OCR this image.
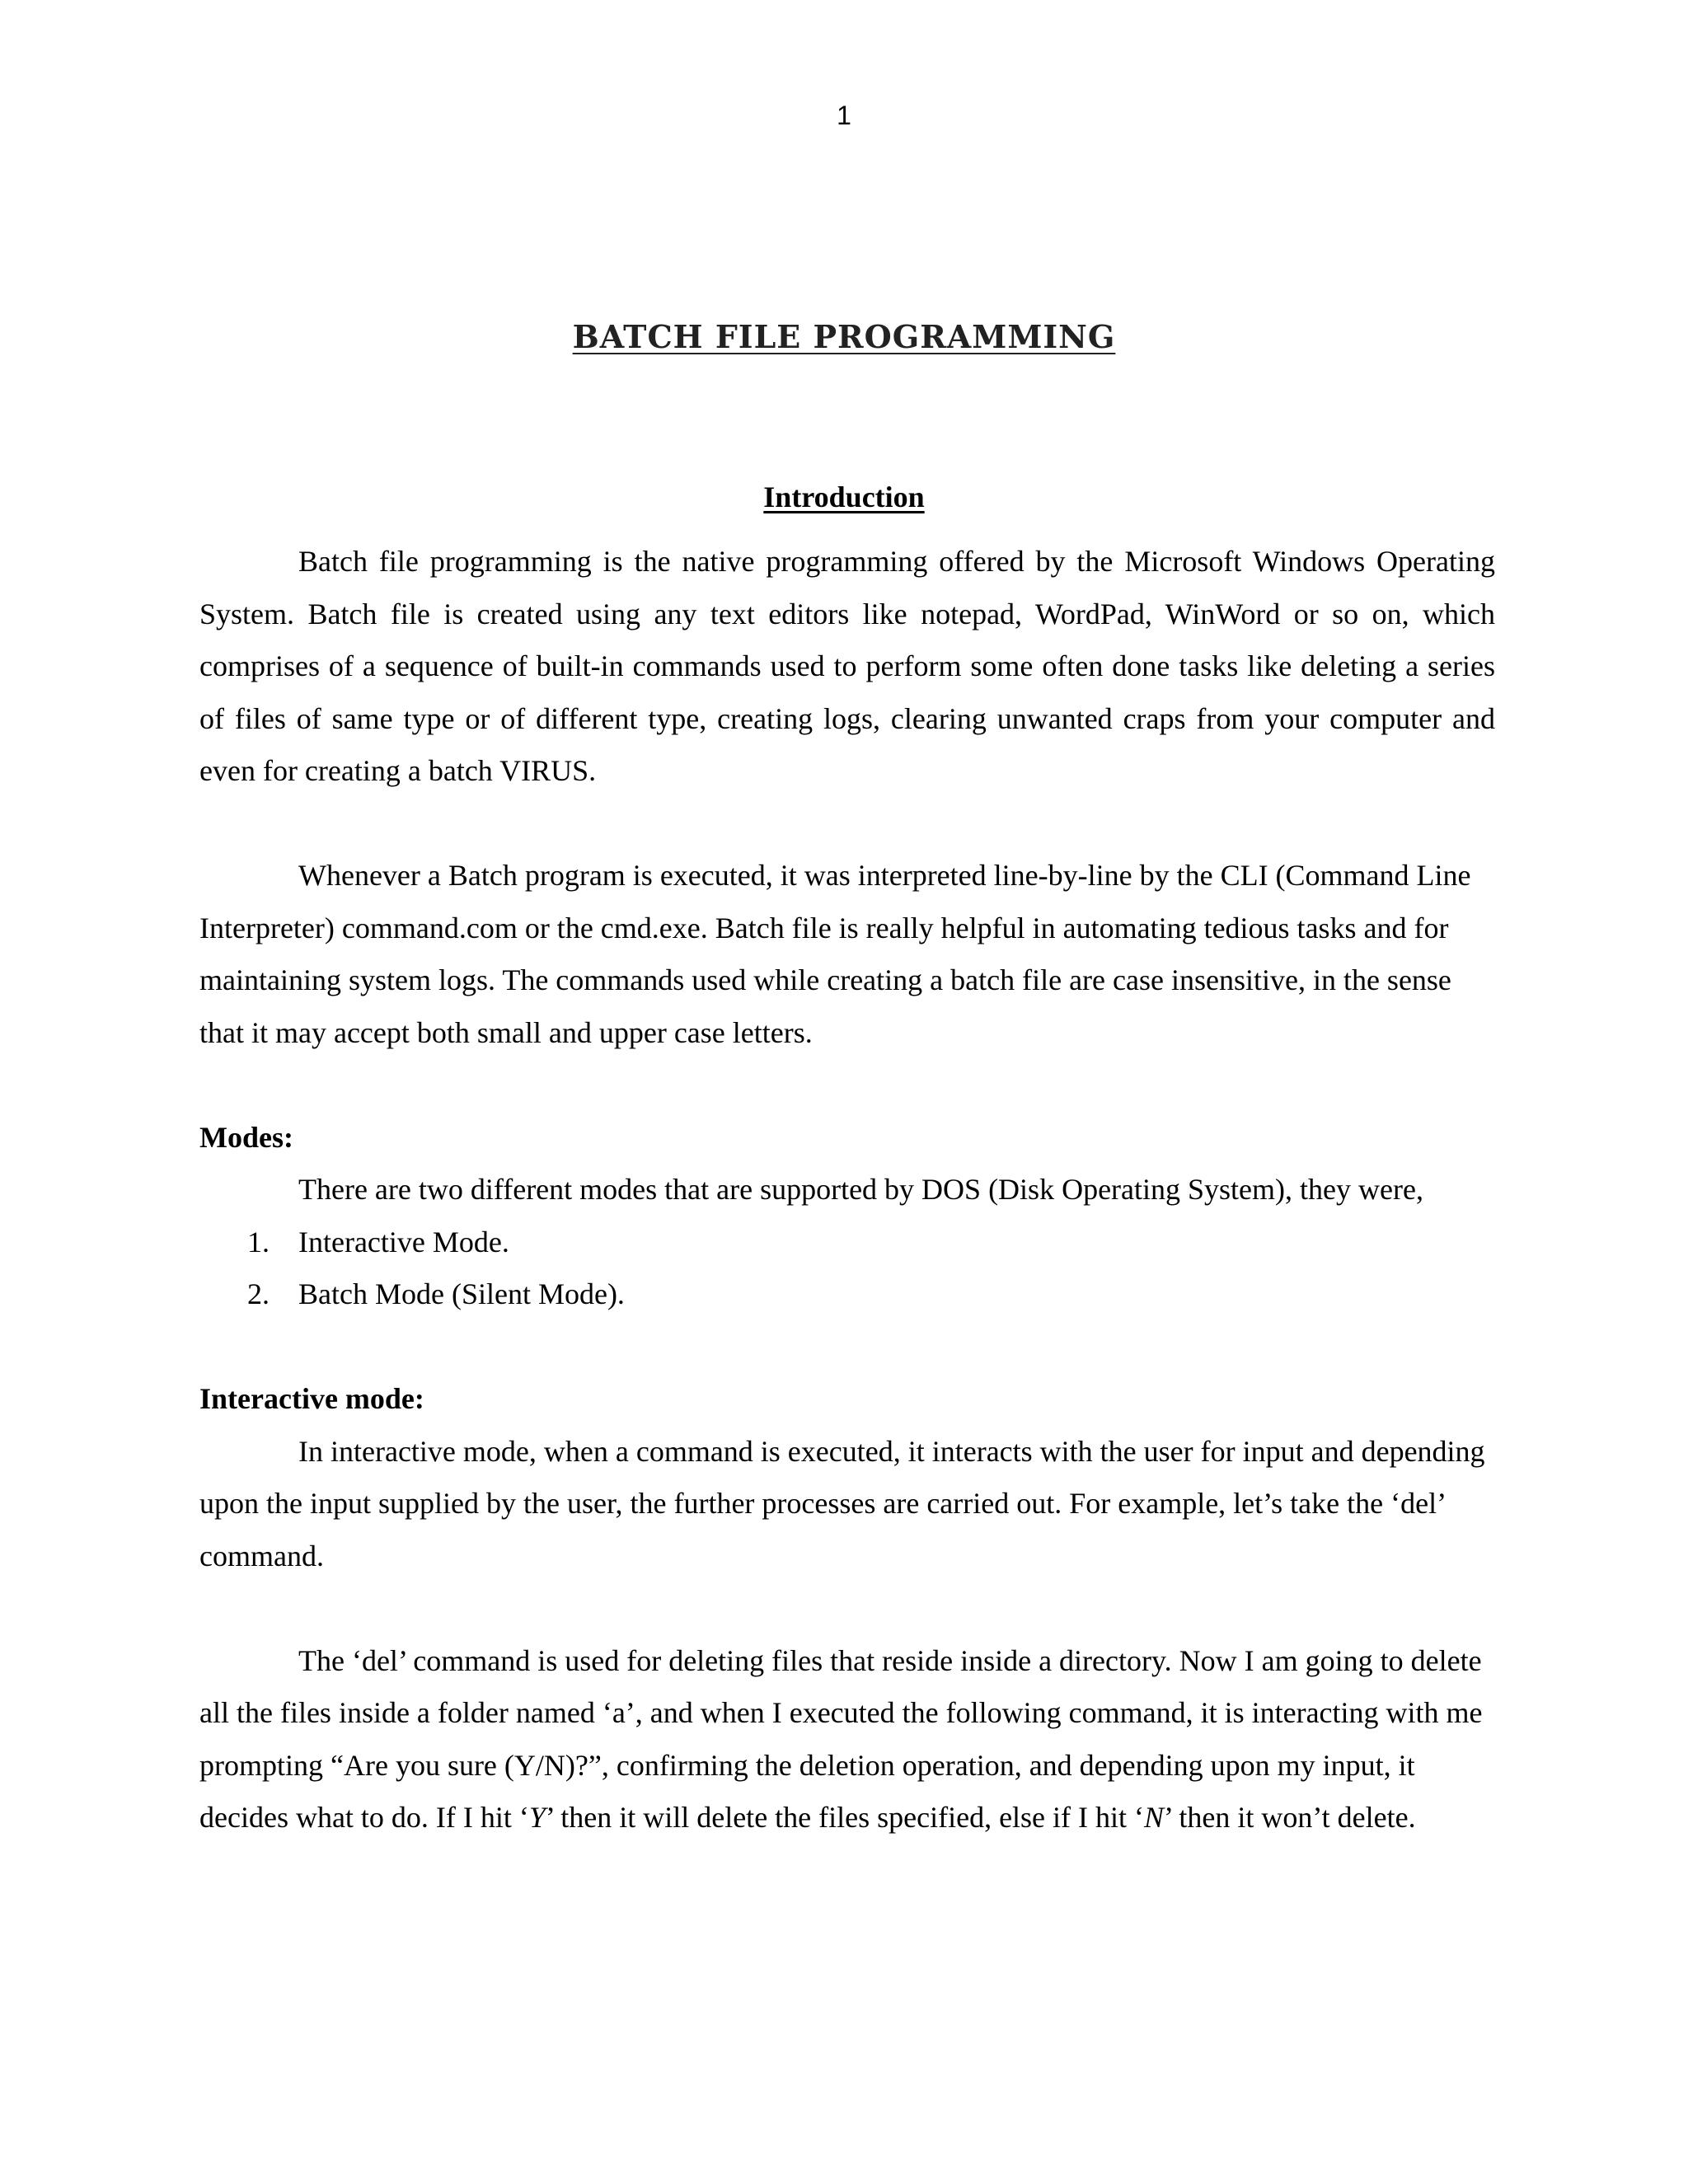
1
BATCH FILE PROGRAMMING
Introduction

Batch file programming is the native programming offered by the Microsoft Windows Operating System. Batch file is created using any text editors like notepad, WordPad, WinWord or so on, which comprises of a sequence of built-in commands used to perform some often done tasks like deleting a series of files of same type or of different type, creating logs, clearing unwanted craps from your computer and even for creating a batch VIRUS.

Whenever a Batch program is executed, it was interpreted line-by-line by the CLI (Command Line Interpreter) command.com or the cmd.exe. Batch file is really helpful in automating tedious tasks and for maintaining system logs. The commands used while creating a batch file are case insensitive, in the sense that it may accept both small and upper case letters.

Modes:

There are two different modes that are supported by DOS (Disk Operating System), they were,

1. Interactive Mode.
2. Batch Mode (Silent Mode).

Interactive mode:

In interactive mode, when a command is executed, it interacts with the user for input and depending upon the input supplied by the user, the further processes are carried out. For example, let’s take the ‘del’ command.

The ‘del’ command is used for deleting files that reside inside a directory. Now I am going to delete all the files inside a folder named ‘a’, and when I executed the following command, it is interacting with me prompting “Are you sure (Y/N)?”, confirming the deletion operation, and depending upon my input, it decides what to do. If I hit ‘Y’ then it will delete the files specified, else if I hit ‘N’ then it won’t delete.
